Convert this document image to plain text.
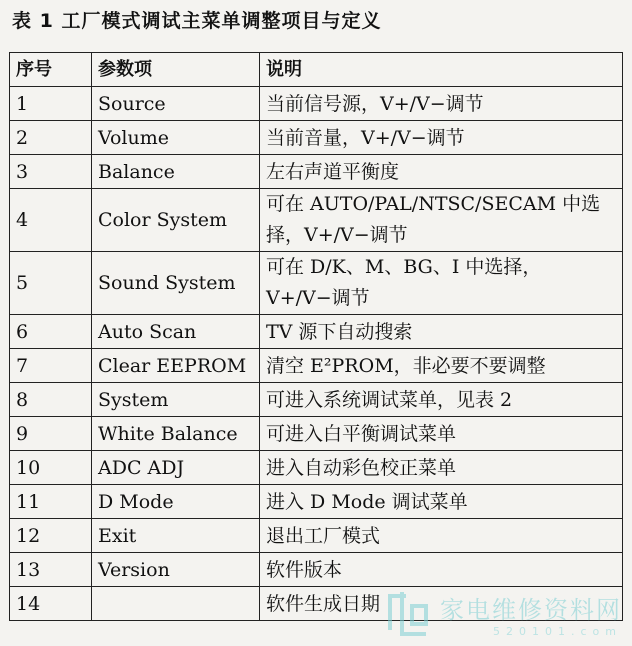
表 1 工厂模式调试主菜单调整项目与定义
序号	参数项	说明
1	Source	当前信号源，V+/V−调节
2	Volume	当前音量，V+/V−调节
3	Balance	左右声道平衡度
4	Color System	可在 AUTO/PAL/NTSC/SECAM 中选择，V+/V−调节
5	Sound System	可在 D/K、M、BG、I 中选择，V+/V−调节
6	Auto Scan	TV 源下自动搜索
7	Clear EEPROM	清空 E²PROM，非必要不要调整
8	System	可进入系统调试菜单，见表 2
9	White Balance	可进入白平衡调试菜单
10	ADC ADJ	进入自动彩色校正菜单
11	D Mode	进入 D Mode 调试菜单
12	Exit	退出工厂模式
13	Version	软件版本
14		软件生成日期 家电维修资料网
520101.com
